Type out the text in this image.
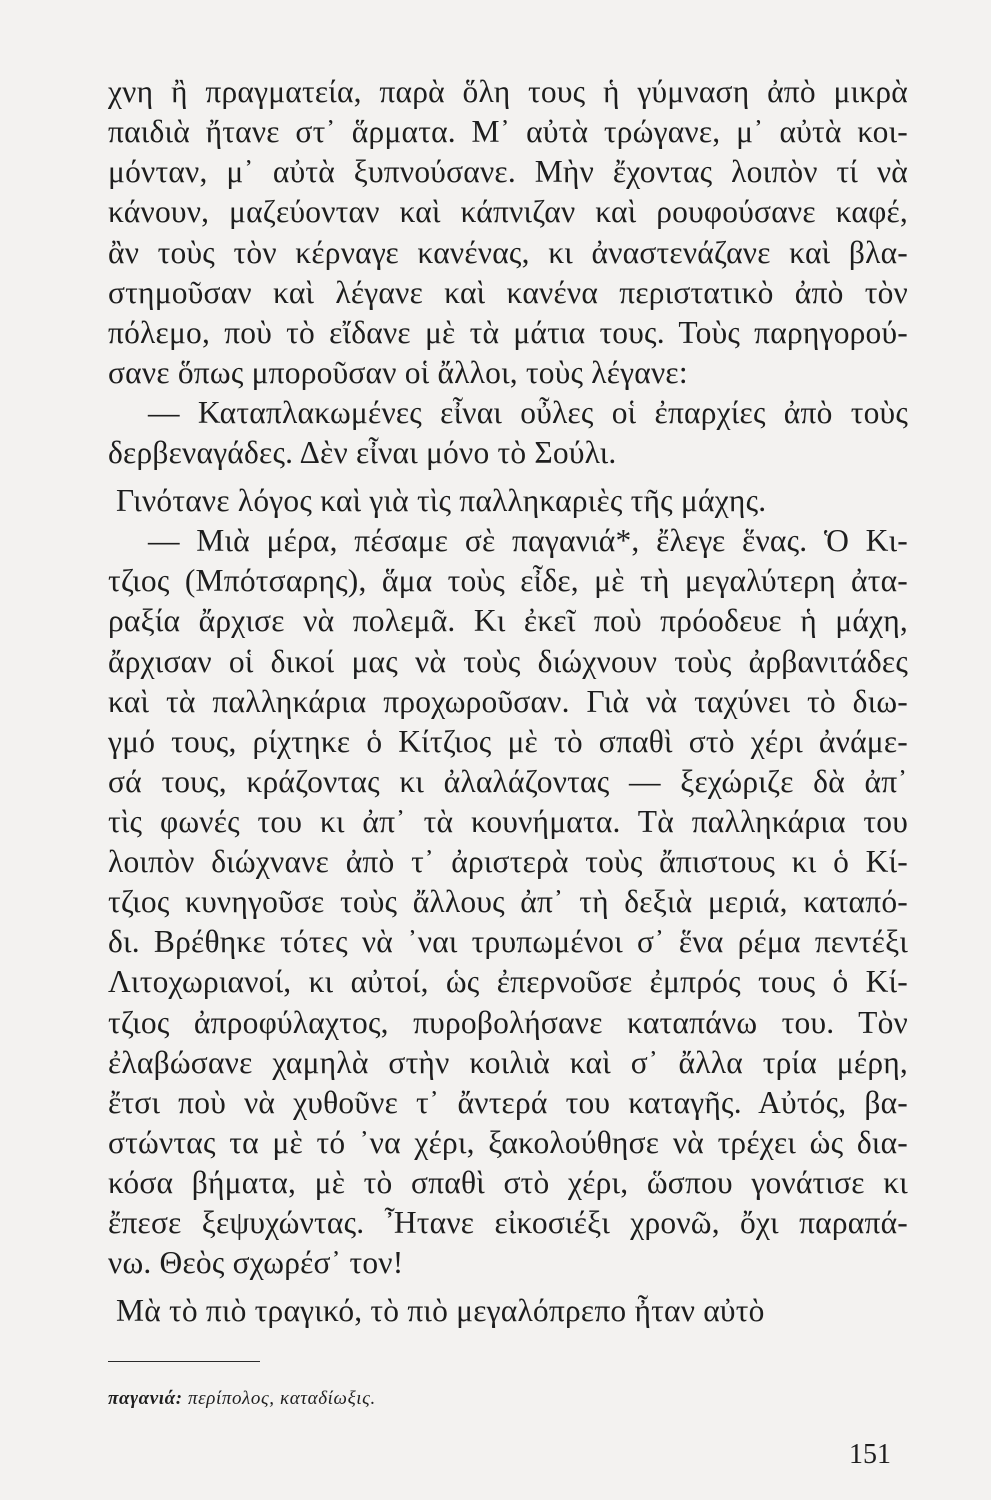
χνη ἢ πραγματεία, παρὰ ὅλη τους ἡ γύμναση ἀπὸ μικρὰ
παιδιὰ ἤτανε στ᾿ ἅρματα. Μ᾿ αὐτὰ τρώγανε, μ᾿ αὐτὰ κοι-
μόνταν, μ᾿ αὐτὰ ξυπνούσανε. Μὴν ἔχοντας λοιπὸν τί νὰ
κάνουν, μαζεύονταν καὶ κάπνιζαν καὶ ρουφούσανε καφέ,
ἂν τοὺς τὸν κέρναγε κανένας, κι ἀναστενάζανε καὶ βλα-
στημοῦσαν καὶ λέγανε καὶ κανένα περιστατικὸ ἀπὸ τὸν
πόλεμο, ποὺ τὸ εἴδανε μὲ τὰ μάτια τους. Τοὺς παρηγορού-
σανε ὅπως μποροῦσαν οἱ ἄλλοι, τοὺς λέγανε:
— Καταπλακωμένες εἶναι οὖλες οἱ ἐπαρχίες ἀπὸ τοὺς
δερβεναγάδες. Δὲν εἶναι μόνο τὸ Σούλι.
Γινότανε λόγος καὶ γιὰ τὶς παλληκαριὲς τῆς μάχης.
— Μιὰ μέρα, πέσαμε σὲ παγανιά*, ἔλεγε ἕνας. Ὁ Κι-
τζιος (Μπότσαρης), ἅμα τοὺς εἶδε, μὲ τὴ μεγαλύτερη ἀτα-
ραξία ἄρχισε νὰ πολεμᾶ. Κι ἐκεῖ ποὺ πρόοδευε ἡ μάχη,
ἄρχισαν οἱ δικοί μας νὰ τοὺς διώχνουν τοὺς ἀρβανιτάδες
καὶ τὰ παλληκάρια προχωροῦσαν. Γιὰ νὰ ταχύνει τὸ διω-
γμό τους, ρίχτηκε ὁ Κίτζιος μὲ τὸ σπαθὶ στὸ χέρι ἀνάμε-
σά τους, κράζοντας κι ἀλαλάζοντας — ξεχώριζε δὰ ἀπ᾿
τὶς φωνές του κι ἀπ᾿ τὰ κουνήματα. Τὰ παλληκάρια του
λοιπὸν διώχνανε ἀπὸ τ᾿ ἀριστερὰ τοὺς ἄπιστους κι ὁ Κί-
τζιος κυνηγοῦσε τοὺς ἄλλους ἀπ᾿ τὴ δεξιὰ μεριά, καταπό-
δι. Βρέθηκε τότες νὰ ᾿ναι τρυπωμένοι σ᾿ ἕνα ρέμα πεντέξι
Λιτοχωριανοί, κι αὐτοί, ὡς ἐπερνοῦσε ἐμπρός τους ὁ Κί-
τζιος ἀπροφύλαχτος, πυροβολήσανε καταπάνω του. Τὸν
ἐλαβώσανε χαμηλὰ στὴν κοιλιὰ καὶ σ᾿ ἄλλα τρία μέρη,
ἔτσι ποὺ νὰ χυθοῦνε τ᾿ ἄντερά του καταγῆς. Αὐτός, βα-
στώντας τα μὲ τό ᾿να χέρι, ξακολούθησε νὰ τρέχει ὡς δια-
κόσα βήματα, μὲ τὸ σπαθὶ στὸ χέρι, ὥσπου γονάτισε κι
ἔπεσε ξεψυχώντας. Ἦτανε εἰκοσιέξι χρονῶ, ὄχι παραπά-
νω. Θεὸς σχωρέσ᾿ τον!
Μὰ τὸ πιὸ τραγικό, τὸ πιὸ μεγαλόπρεπο ἦταν αὐτὸ
παγανιά: περίπολος, καταδίωξις.
151
